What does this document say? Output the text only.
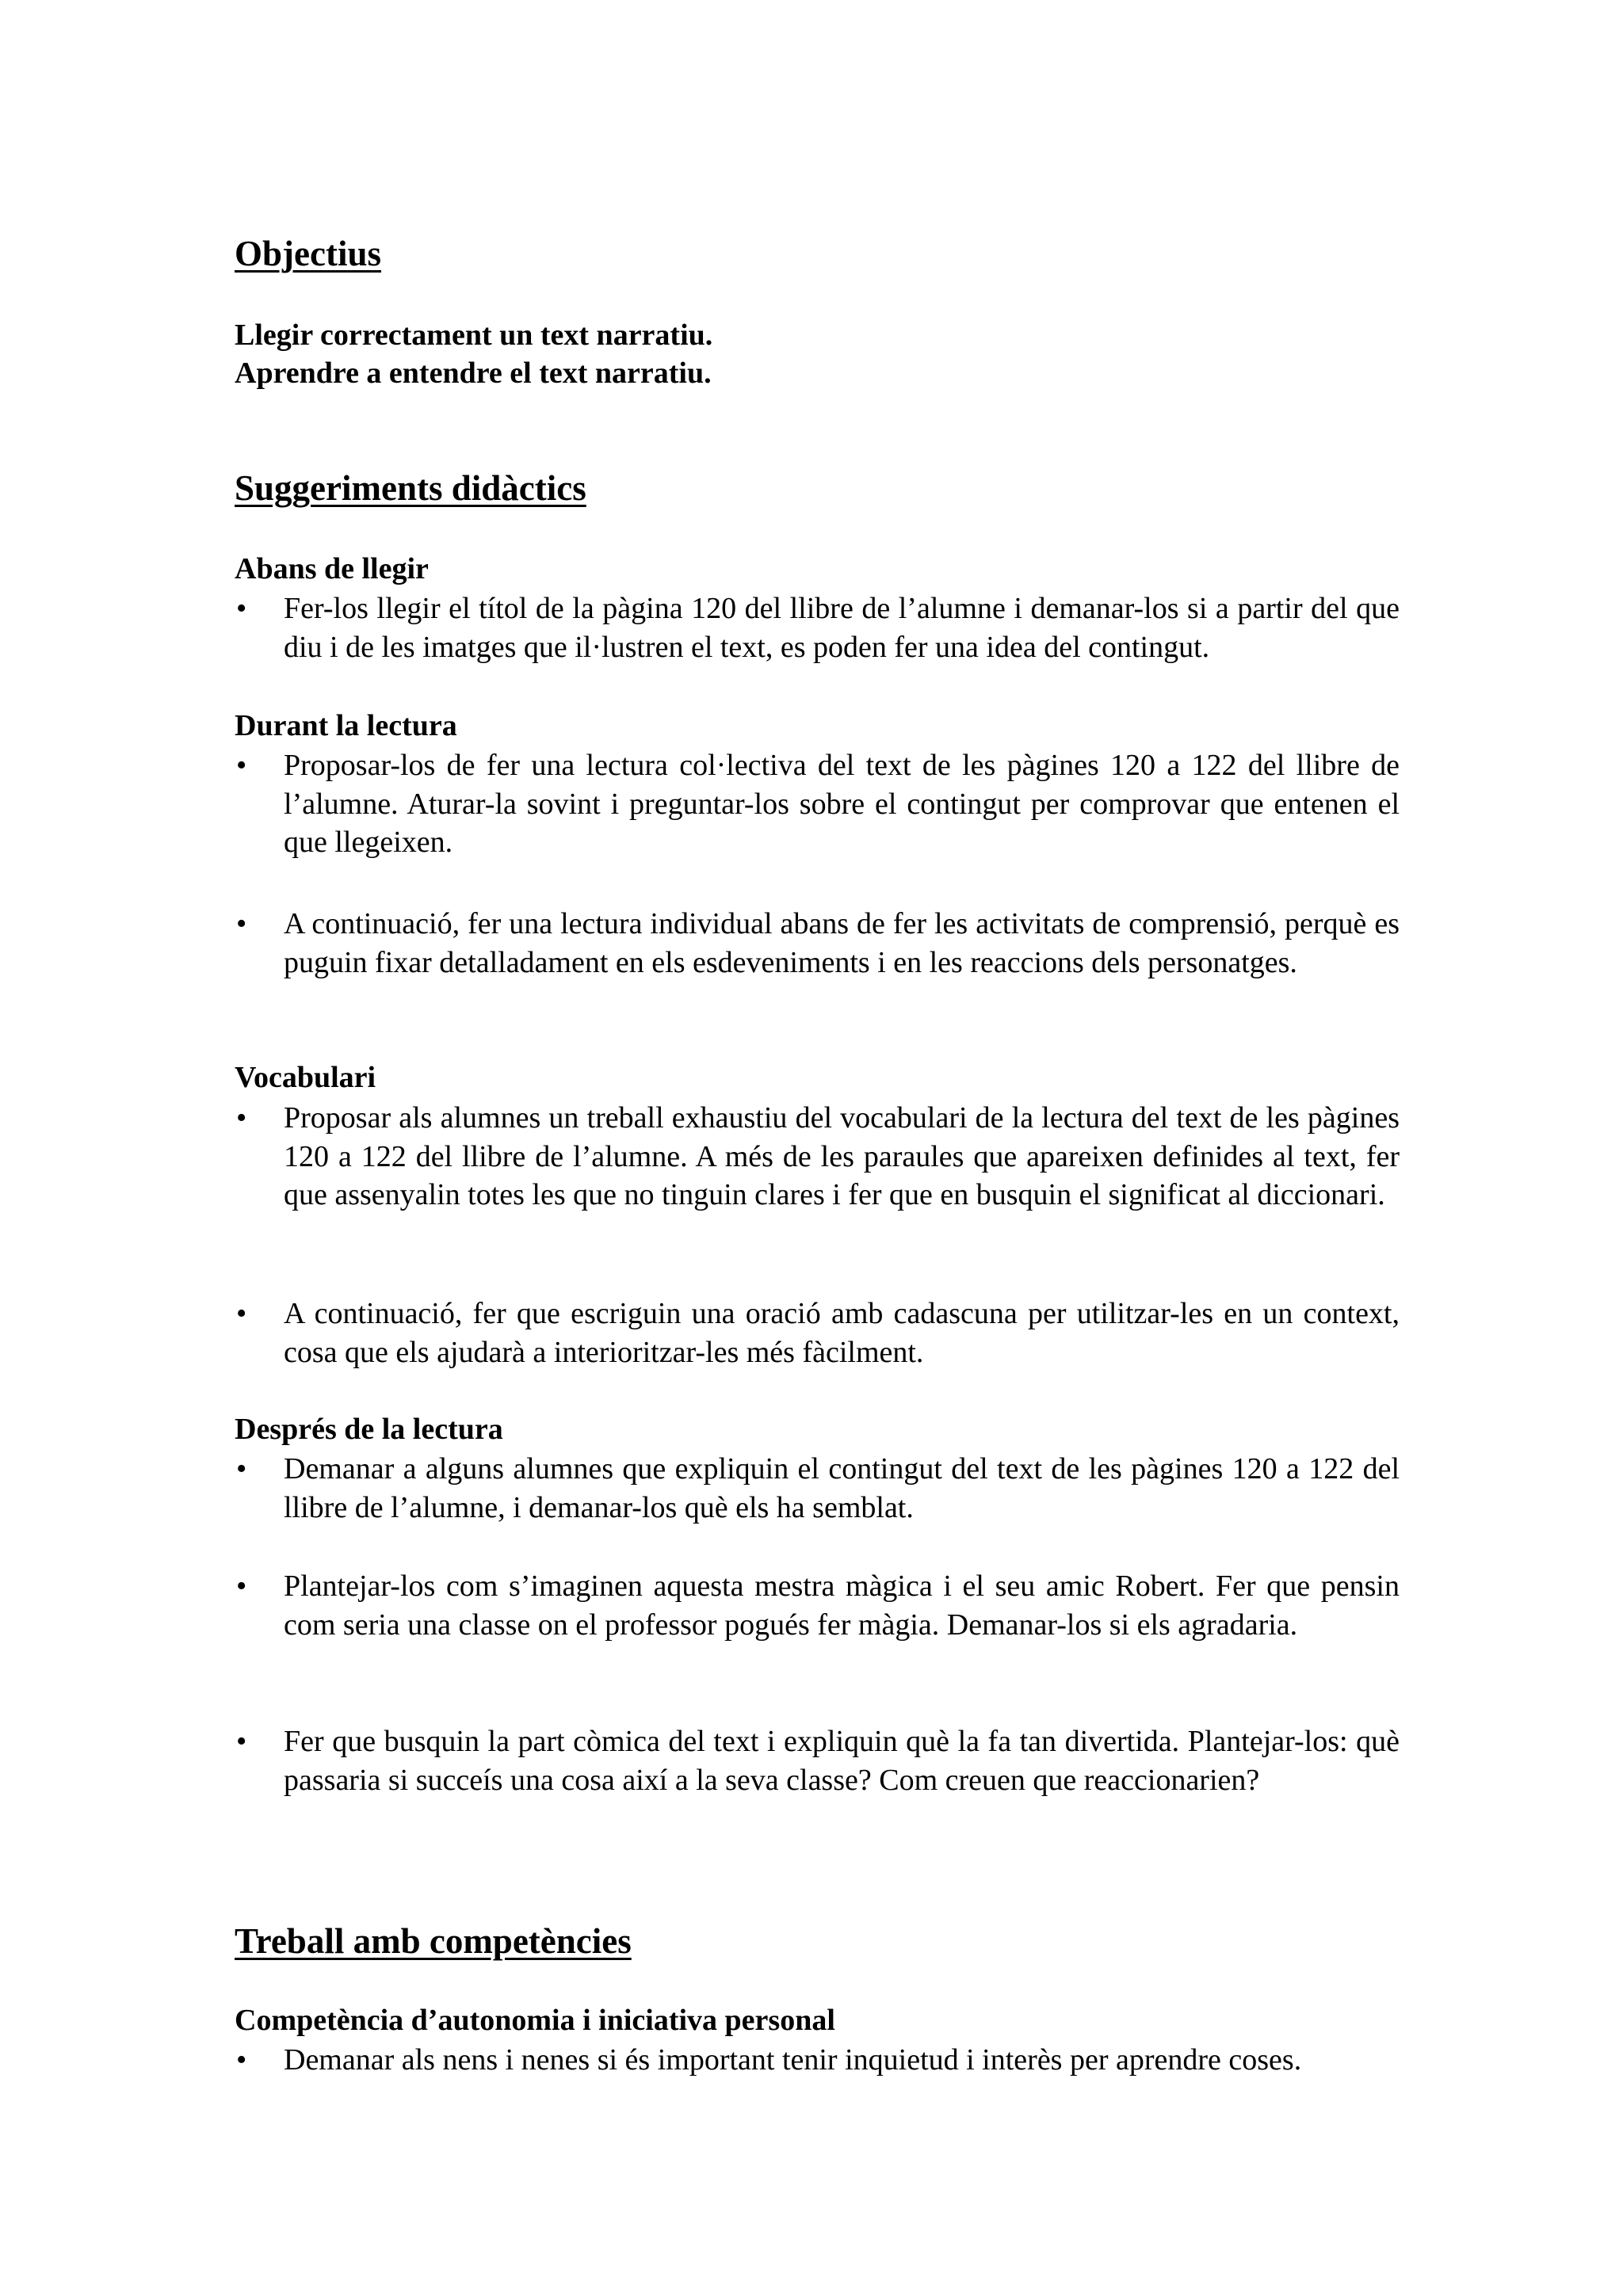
Objectius

Llegir correctament un text narratiu.

Aprendre a entendre el text narratiu.

Suggeriments didàctics

Abans de llegir

• Fer-los llegir el títol de la pàgina 120 del llibre de l’alumne i demanar-los si a partir del que diu i de les imatges que il·lustren el text, es poden fer una idea del contingut.

Durant la lectura

• Proposar-los de fer una lectura col·lectiva del text de les pàgines 120 a 122 del llibre de l’alumne. Aturar-la sovint i preguntar-los sobre el contingut per comprovar que entenen el que llegeixen.

• A continuació, fer una lectura individual abans de fer les activitats de comprensió, perquè es puguin fixar detalladament en els esdeveniments i en les reaccions dels personatges.

Vocabulari

• Proposar als alumnes un treball exhaustiu del vocabulari de la lectura del text de les pàgines 120 a 122 del llibre de l’alumne. A més de les paraules que apareixen definides al text, fer que assenyalin totes les que no tinguin clares i fer que en busquin el significat al diccionari.

• A continuació, fer que escriguin una oració amb cadascuna per utilitzar-les en un context, cosa que els ajudarà a interioritzar-les més fàcilment.

Després de la lectura

• Demanar a alguns alumnes que expliquin el contingut del text de les pàgines 120 a 122 del llibre de l’alumne, i demanar-los què els ha semblat.

• Plantejar-los com s’imaginen aquesta mestra màgica i el seu amic Robert. Fer que pensin com seria una classe on el professor pogués fer màgia. Demanar-los si els agradaria.

• Fer que busquin la part còmica del text i expliquin què la fa tan divertida. Plantejar-los: què passaria si succeís una cosa així a la seva classe? Com creuen que reaccionarien?

Treball amb competències

Competència d’autonomia i iniciativa personal

• Demanar als nens i nenes si és important tenir inquietud i interès per aprendre coses.
